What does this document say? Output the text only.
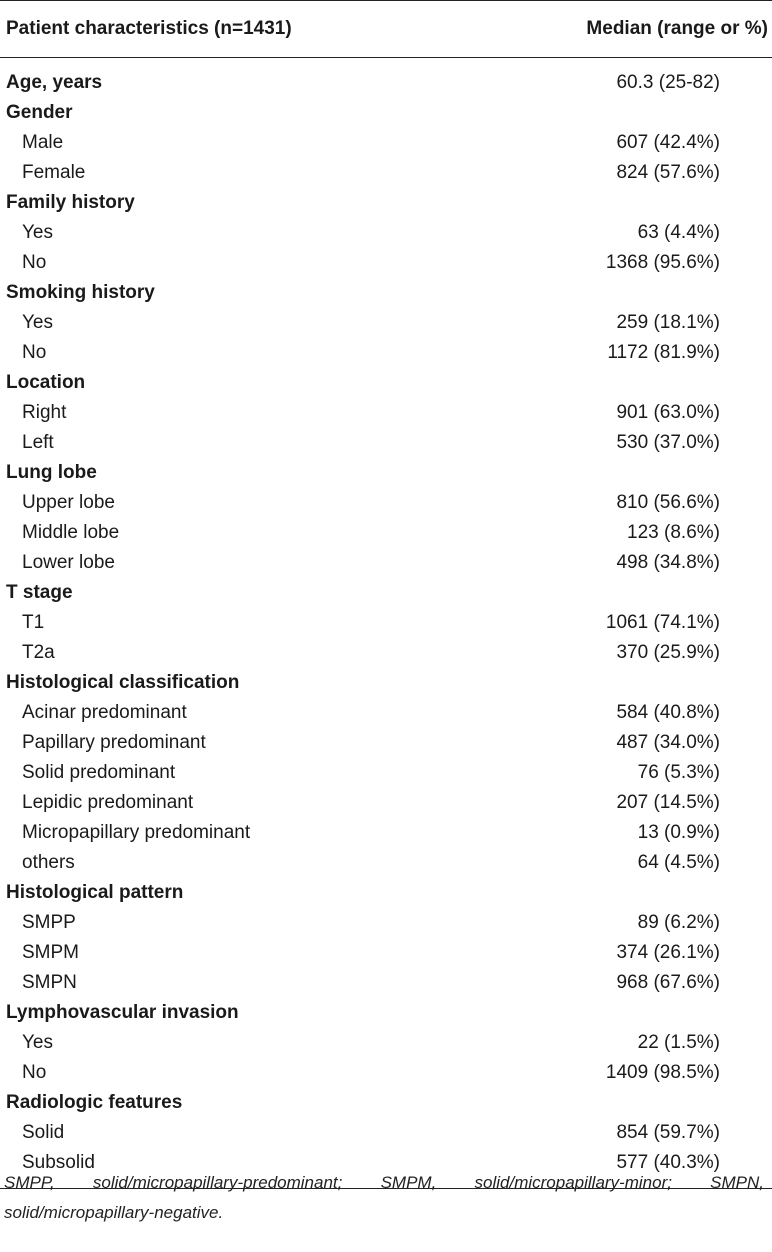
Patient characteristics (n=1431)	Median (range or %)
Age, years	60.3 (25-82)
Gender
Male	607 (42.4%)
Female	824 (57.6%)
Family history
Yes	63 (4.4%)
No	1368 (95.6%)
Smoking history
Yes	259 (18.1%)
No	1172 (81.9%)
Location
Right	901 (63.0%)
Left	530 (37.0%)
Lung lobe
Upper lobe	810 (56.6%)
Middle lobe	123 (8.6%)
Lower lobe	498 (34.8%)
T stage
T1	1061 (74.1%)
T2a	370 (25.9%)
Histological classification
Acinar predominant	584 (40.8%)
Papillary predominant	487 (34.0%)
Solid predominant	76 (5.3%)
Lepidic predominant	207 (14.5%)
Micropapillary predominant	13 (0.9%)
others	64 (4.5%)
Histological pattern
SMPP	89 (6.2%)
SMPM	374 (26.1%)
SMPN	968 (67.6%)
Lymphovascular invasion
Yes	22 (1.5%)
No	1409 (98.5%)
Radiologic features
Solid	854 (59.7%)
Subsolid	577 (40.3%)
SMPP, solid/micropapillary-predominant; SMPM, solid/micropapillary-minor; SMPN, solid/micropapillary-negative.
